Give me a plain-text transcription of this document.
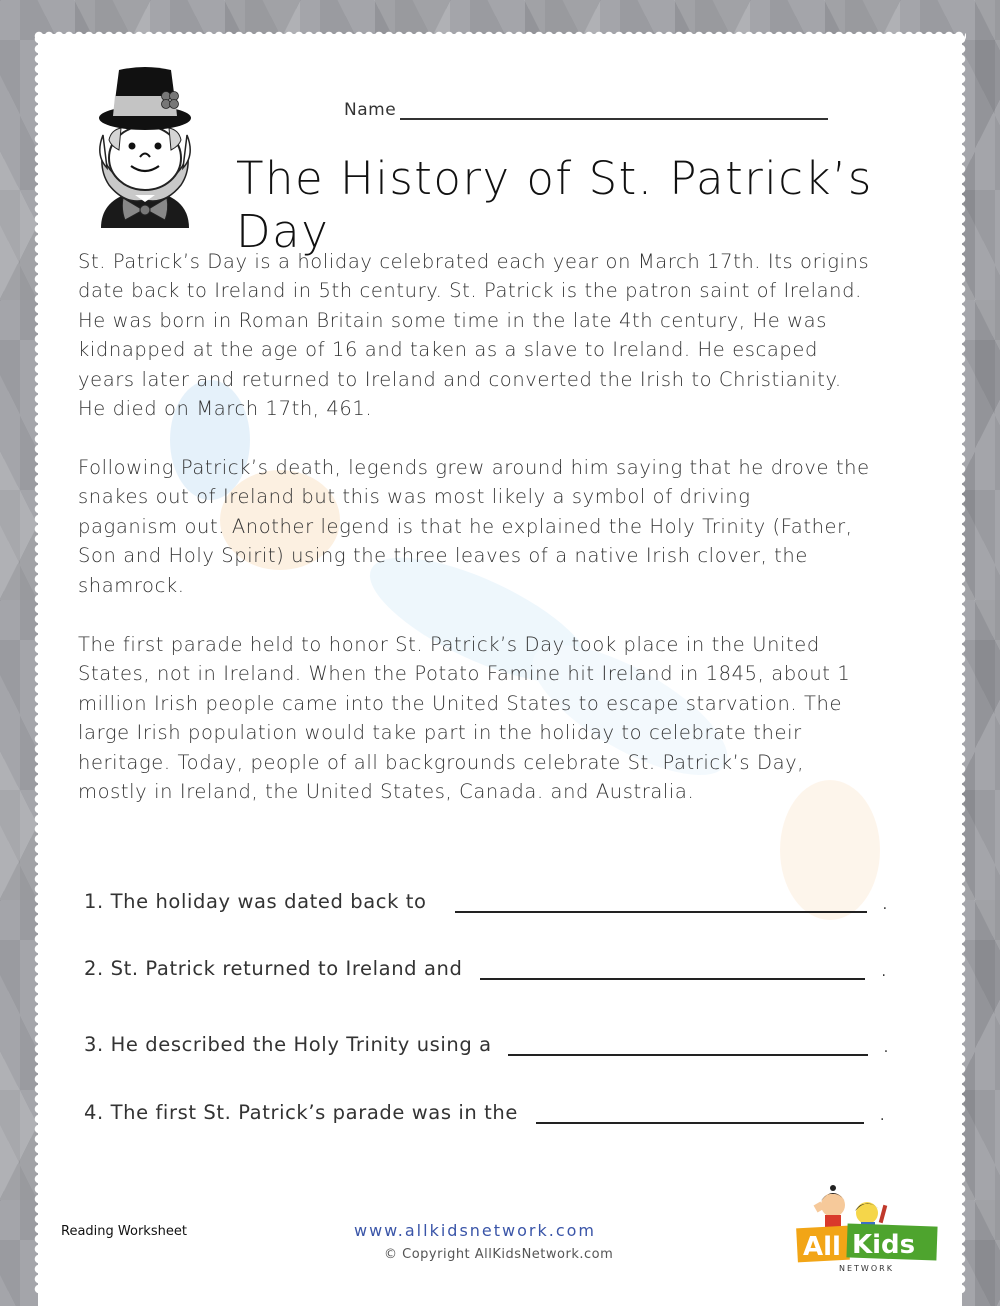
Name
The History of St. Patrick’s Day

St. Patrick’s Day is a holiday celebrated each year on March 17th. Its origins
date back to Ireland in 5th century. St. Patrick is the patron saint of Ireland.
He was born in Roman Britain some time in the late 4th century, He was
kidnapped at the age of 16 and taken as a slave to Ireland. He escaped
years later and returned to Ireland and converted the Irish to Christianity.
He died on March 17th, 461.

Following Patrick’s death, legends grew around him saying that he drove the
snakes out of Ireland but this was most likely a symbol of driving
paganism out. Another legend is that he explained the Holy Trinity (Father,
Son and Holy Spirit) using the three leaves of a native Irish clover, the
shamrock.

The first parade held to honor St. Patrick’s Day took place in the United
States, not in Ireland. When the Potato Famine hit Ireland in 1845, about 1
million Irish people came into the United States to escape starvation. The
large Irish population would take part in the holiday to celebrate their
heritage. Today, people of all backgrounds celebrate St. Patrick’s Day,
mostly in Ireland, the United States, Canada. and Australia.

1. The holiday was dated back to	.
2. St. Patrick returned to Ireland and	.
3. He described the Holy Trinity using a	.
4. The first St. Patrick’s parade was in the	.
Reading Worksheet	www.allkidsnetwork.com
© Copyright AllKidsNetwork.com	All Kids
NETWORK
